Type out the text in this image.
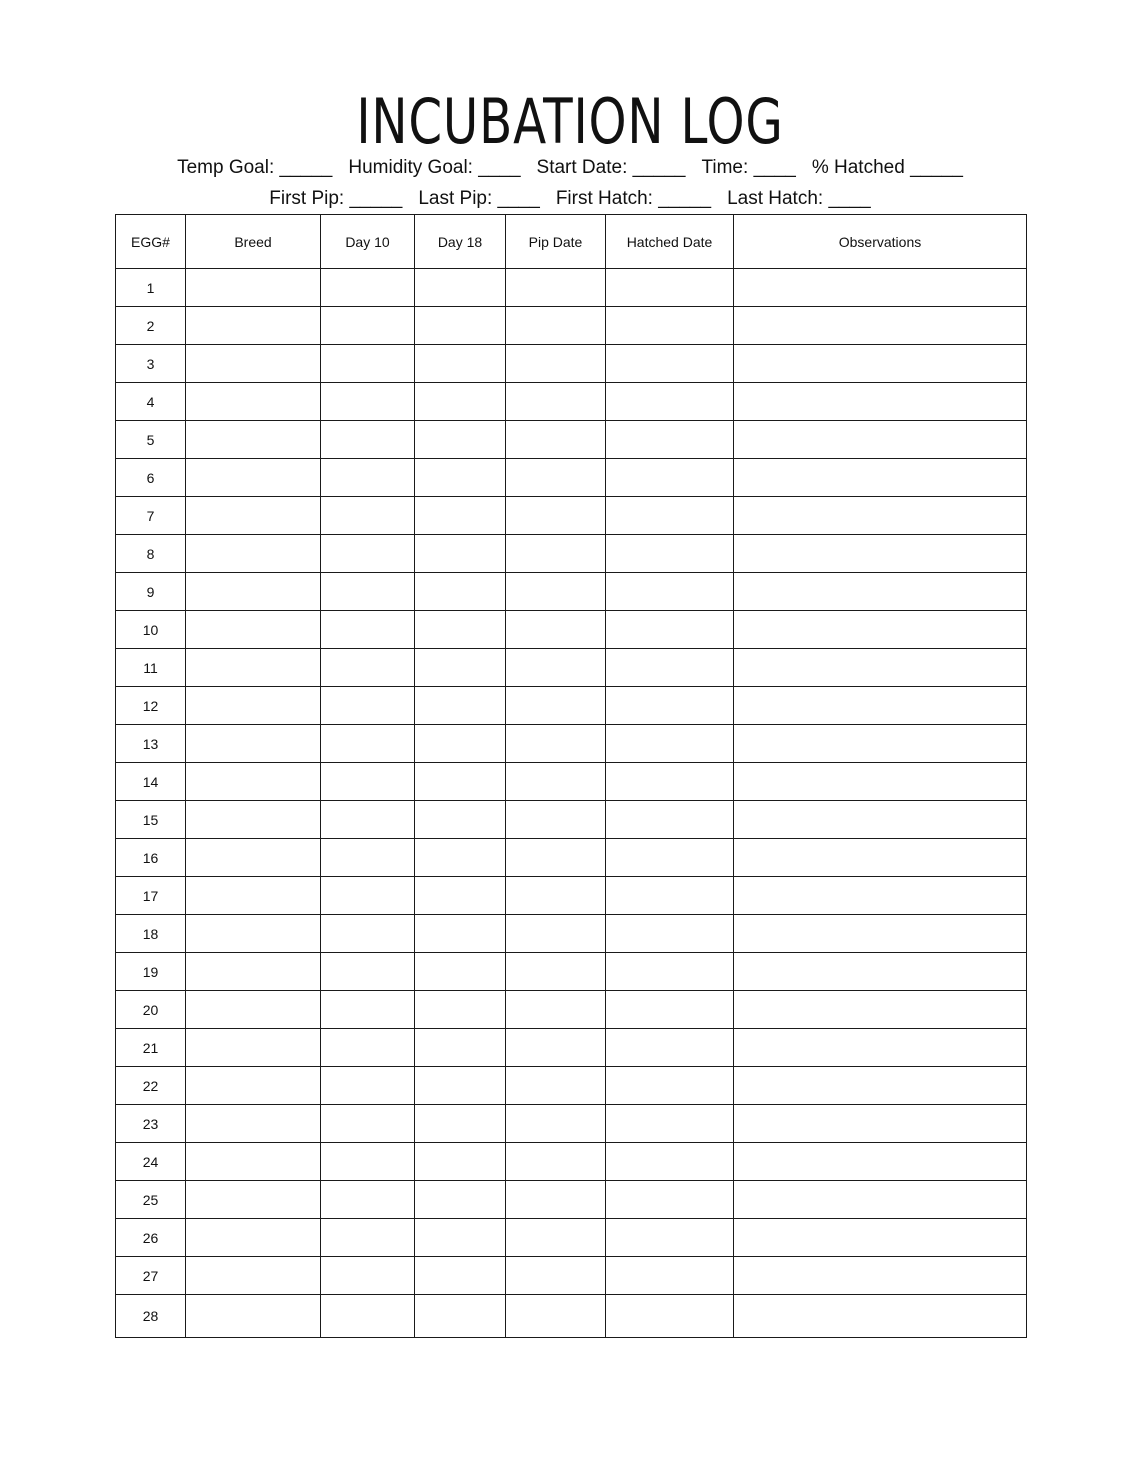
INCUBATION LOG
Temp Goal: _____ Humidity Goal: ____ Start Date: _____ Time: ____ % Hatched _____
First Pip: _____ Last Pip: ____ First Hatch: _____ Last Hatch: ____
EGG#	Breed	Day 10	Day 18	Pip Date	Hatched Date	Observations
1						
2						
3						
4						
5						
6						
7						
8						
9						
10						
11						
12						
13						
14						
15						
16						
17						
18						
19						
20						
21						
22						
23						
24						
25						
26						
27						
28						
